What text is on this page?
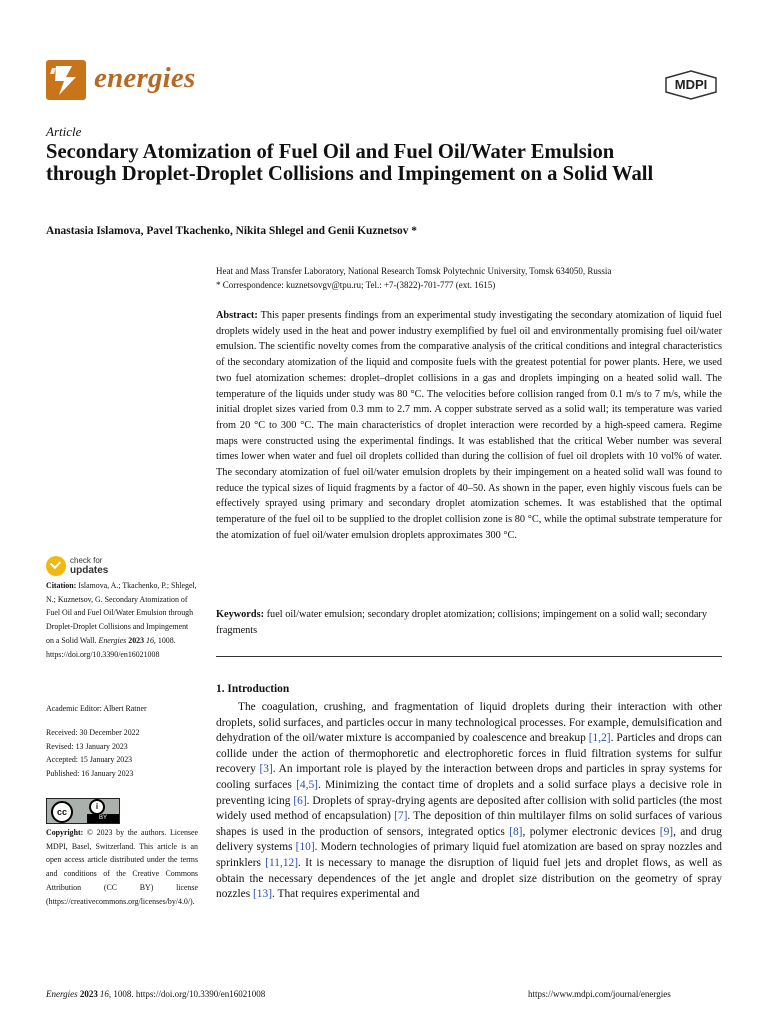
energies	MDPI
Article
Secondary Atomization of Fuel Oil and Fuel Oil/Water Emulsion through Droplet-Droplet Collisions and Impingement on a Solid Wall
Anastasia Islamova, Pavel Tkachenko, Nikita Shlegel and Genii Kuznetsov *
Heat and Mass Transfer Laboratory, National Research Tomsk Polytechnic University, Tomsk 634050, Russia
* Correspondence: kuznetsovgv@tpu.ru; Tel.: +7-(3822)-701-777 (ext. 1615)
Abstract: This paper presents findings from an experimental study investigating the secondary atomization of liquid fuel droplets widely used in the heat and power industry exemplified by fuel oil and environmentally promising fuel oil/water emulsion. The scientific novelty comes from the comparative analysis of the critical conditions and integral characteristics of the secondary atomization of the liquid and composite fuels with the greatest potential for power plants. Here, we used two fuel atomization schemes: droplet–droplet collisions in a gas and droplets impinging on a heated solid wall. The temperature of the liquids under study was 80 °C. The velocities before collision ranged from 0.1 m/s to 7 m/s, while the initial droplet sizes varied from 0.3 mm to 2.7 mm. A copper substrate served as a solid wall; its temperature was varied from 20 °C to 300 °C. The main characteristics of droplet interaction were recorded by a high-speed camera. Regime maps were constructed using the experimental findings. It was established that the critical Weber number was several times lower when water and fuel oil droplets collided than during the collision of fuel oil droplets with 10 vol% of water. The secondary atomization of fuel oil/water emulsion droplets by their impingement on a heated solid wall was found to reduce the typical sizes of liquid fragments by a factor of 40–50. As shown in the paper, even highly viscous fuels can be effectively sprayed using primary and secondary droplet atomization schemes. It was established that the optimal temperature of the fuel oil to be supplied to the droplet collision zone is 80 °C, while the optimal substrate temperature for the atomization of fuel oil/water emulsion droplets approximates 300 °C.
Keywords: fuel oil/water emulsion; secondary droplet atomization; collisions; impingement on a solid wall; secondary fragments
1. Introduction
The coagulation, crushing, and fragmentation of liquid droplets during their interaction with other droplets, solid surfaces, and particles occur in many technological processes. For example, demulsification and dehydration of the oil/water mixture is accompanied by coalescence and breakup [1,2]. Particles and drops can collide under the action of thermophoretic and electrophoretic forces in fluid filtration systems for sulfur recovery [3]. An important role is played by the interaction between drops and particles in spray systems for cooling surfaces [4,5]. Minimizing the contact time of droplets and a solid surface plays a decisive role in preventing icing [6]. Droplets of spray-drying agents are deposited after collision with solid particles (the most widely used method of encapsulation) [7]. The deposition of thin multilayer films on solid surfaces of various shapes is used in the production of sensors, integrated optics [8], polymer electronic devices [9], and drug delivery systems [10]. Modern technologies of primary liquid fuel atomization are based on spray nozzles and sprinklers [11,12]. It is necessary to manage the disruption of liquid fuel jets and droplet flows, as well as obtain the necessary dependences of the jet angle and droplet size distribution on the geometry of spray nozzles [13]. That requires experimental and
check for
updates
Citation: Islamova, A.; Tkachenko, P.; Shlegel, N.; Kuznetsov, G. Secondary Atomization of Fuel Oil and Fuel Oil/Water Emulsion through Droplet-Droplet Collisions and Impingement on a Solid Wall. Energies 2023 16, 1008. https://doi.org/10.3390/en16021008
Academic Editor: Albert Ratner
Received: 30 December 2022
Revised: 13 January 2023
Accepted: 15 January 2023
Published: 16 January 2023
cc
i
BY
Copyright: © 2023 by the authors. Licensee MDPI, Basel, Switzerland. This article is an open access article distributed under the terms and conditions of the Creative Commons Attribution (CC BY) license (https://creativecommons.org/licenses/by/4.0/).
Energies 2023 16, 1008. https://doi.org/10.3390/en16021008	https://www.mdpi.com/journal/energies
